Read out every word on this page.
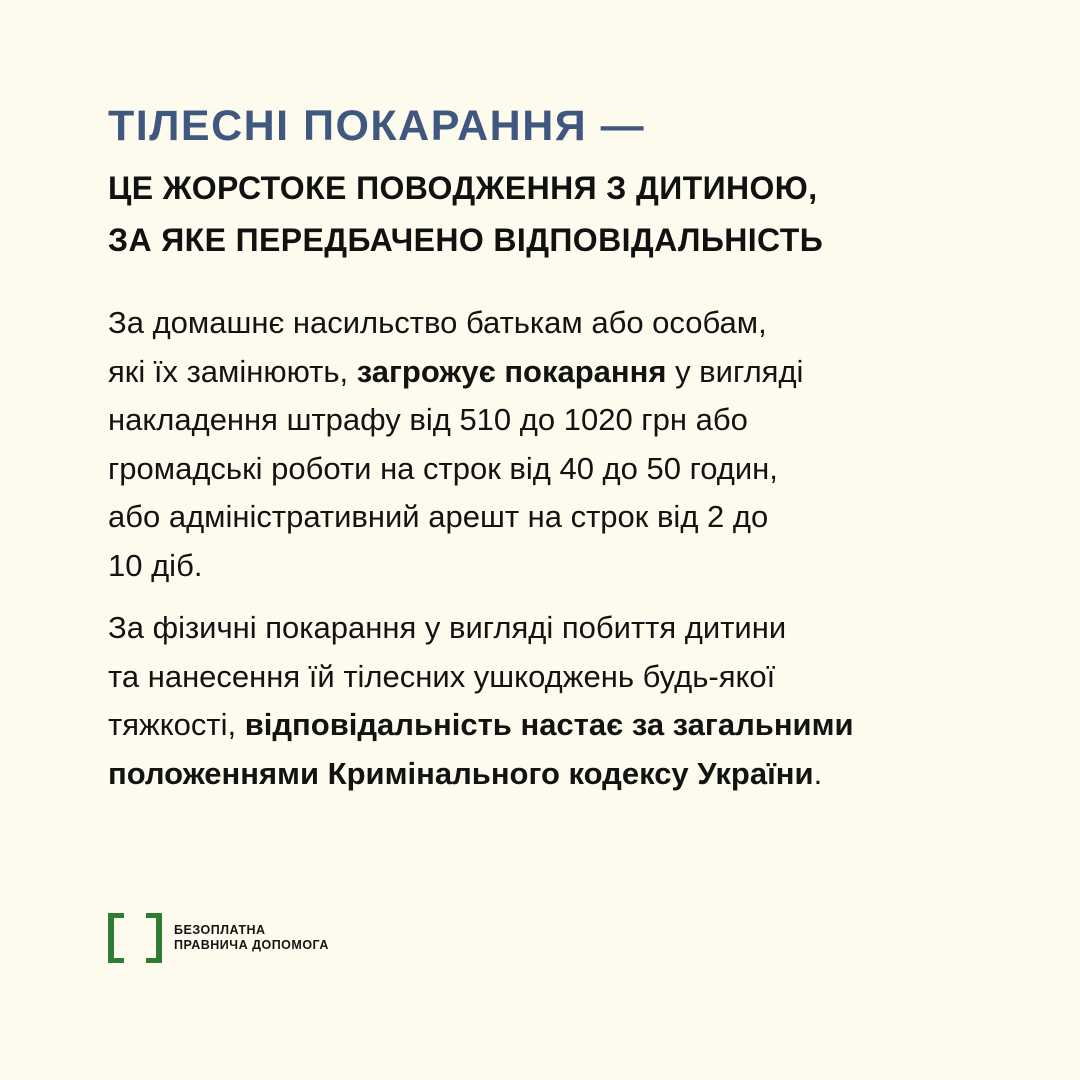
ТІЛЕСНІ ПОКАРАННЯ —
ЦЕ ЖОРСТОКЕ ПОВОДЖЕННЯ З ДИТИНОЮ,
ЗА ЯКЕ ПЕРЕДБАЧЕНО ВІДПОВІДАЛЬНІСТЬ

За домашнє насильство батькам або особам,
які їх замінюють, загрожує покарання у вигляді
накладення штрафу від 510 до 1020 грн або
громадські роботи на строк від 40 до 50 годин,
або адміністративний арешт на строк від 2 до
10 діб.

За фізичні покарання у вигляді побиття дитини
та нанесення їй тілесних ушкоджень будь-якої
тяжкості, відповідальність настає за загальними
положеннями Кримінального кодексу України.

БЕЗОПЛАТНА
ПРАВНИЧА ДОПОМОГА
